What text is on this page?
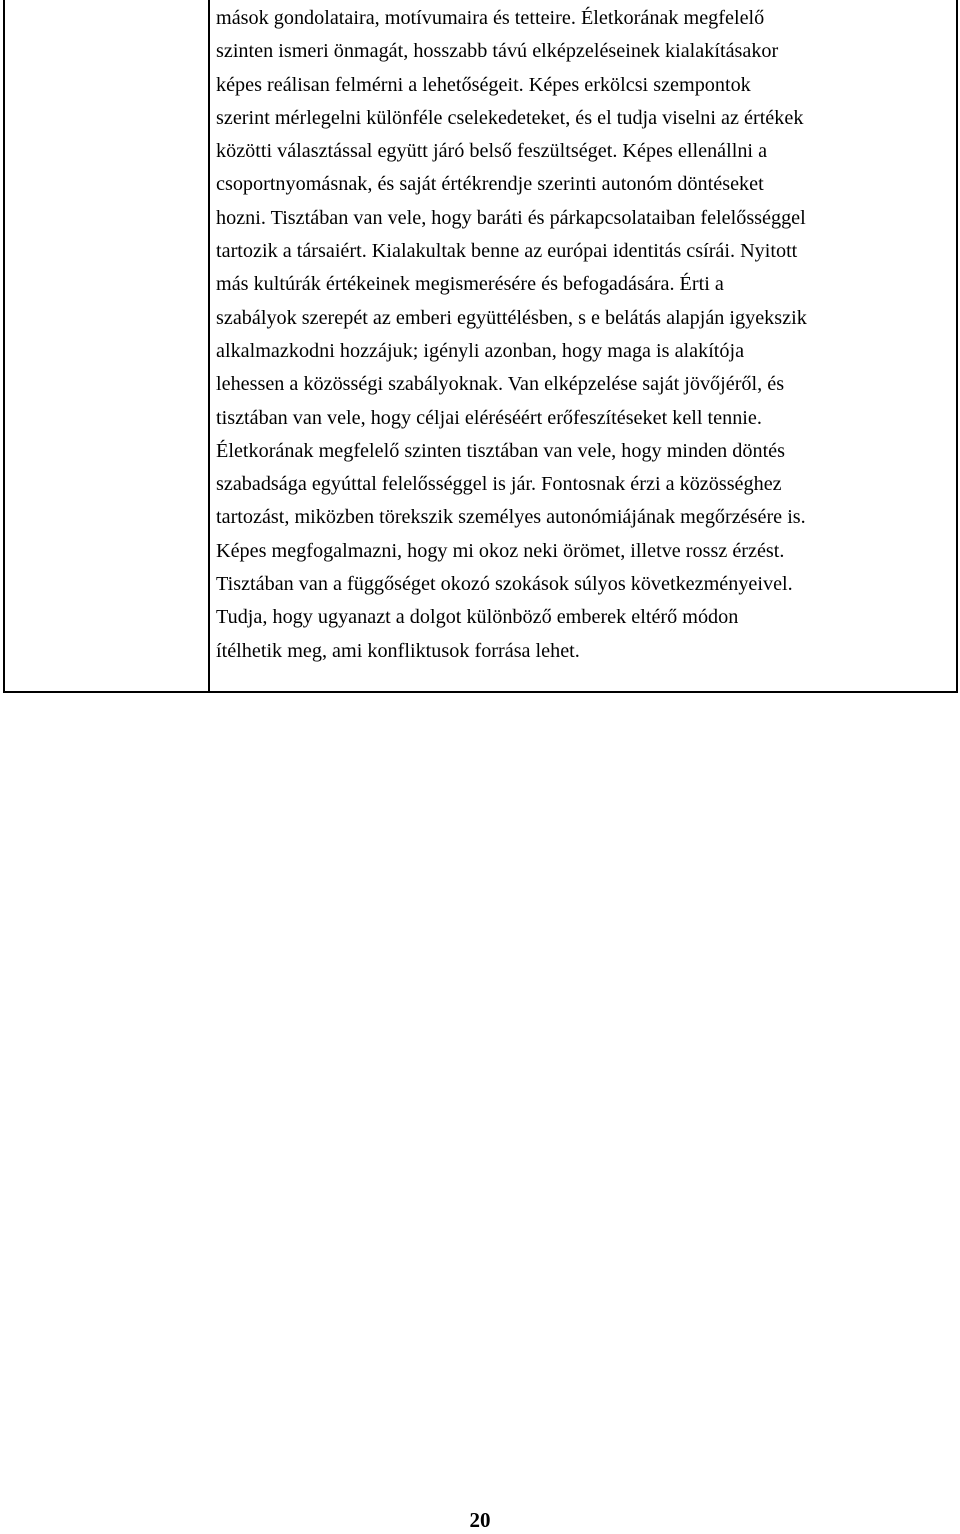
mások gondolataira, motívumaira és tetteire. Életkorának megfelelő
szinten ismeri önmagát, hosszabb távú elképzeléseinek kialakításakor
képes reálisan felmérni a lehetőségeit. Képes erkölcsi szempontok
szerint mérlegelni különféle cselekedeteket, és el tudja viselni az értékek
közötti választással együtt járó belső feszültséget. Képes ellenállni a
csoportnyomásnak, és saját értékrendje szerinti autonóm döntéseket
hozni. Tisztában van vele, hogy baráti és párkapcsolataiban felelősséggel
tartozik a társaiért. Kialakultak benne az európai identitás csírái. Nyitott
más kultúrák értékeinek megismerésére és befogadására. Érti a
szabályok szerepét az emberi együttélésben, s e belátás alapján igyekszik
alkalmazkodni hozzájuk; igényli azonban, hogy maga is alakítója
lehessen a közösségi szabályoknak. Van elképzelése saját jövőjéről, és
tisztában van vele, hogy céljai eléréséért erőfeszítéseket kell tennie.
Életkorának megfelelő szinten tisztában van vele, hogy minden döntés
szabadsága egyúttal felelősséggel is jár. Fontosnak érzi a közösséghez
tartozást, miközben törekszik személyes autonómiájának megőrzésére is.
Képes megfogalmazni, hogy mi okoz neki örömet, illetve rossz érzést.
Tisztában van a függőséget okozó szokások súlyos következményeivel.
Tudja, hogy ugyanazt a dolgot különböző emberek eltérő módon
ítélhetik meg, ami konfliktusok forrása lehet.
20
